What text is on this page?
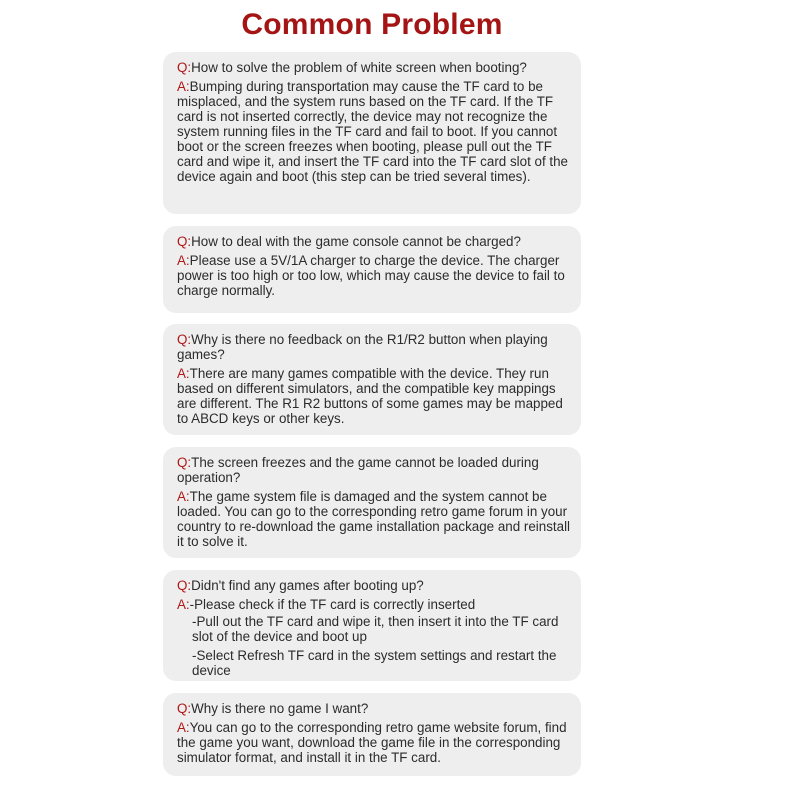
Common Problem

Q:How to solve the problem of white screen when booting?

A:Bumping during transportation may cause the TF card to be misplaced, and the system runs based on the TF card. If the TF card is not inserted correctly, the device may not recognize the system running files in the TF card and fail to boot. If you cannot boot or the screen freezes when booting, please pull out the TF card and wipe it, and insert the TF card into the TF card slot of the device again and boot (this step can be tried several times).

Q:How to deal with the game console cannot be charged?

A:Please use a 5V/1A charger to charge the device. The charger power is too high or too low, which may cause the device to fail to charge normally.

Q:Why is there no feedback on the R1/R2 button when playing games?

A:There are many games compatible with the device. They run based on different simulators, and the compatible key mappings are different. The R1 R2 buttons of some games may be mapped to ABCD keys or other keys.

Q:The screen freezes and the game cannot be loaded during operation?

A:The game system file is damaged and the system cannot be loaded. You can go to the corresponding retro game forum in your country to re-download the game installation package and reinstall it to solve it.

Q:Didn't find any games after booting up?

A:-Please check if the TF card is correctly inserted

-Pull out the TF card and wipe it, then insert it into the TF card slot of the device and boot up

-Select Refresh TF card in the system settings and restart the device

Q:Why is there no game I want?

A:You can go to the corresponding retro game website forum, find the game you want, download the game file in the corresponding simulator format, and install it in the TF card.
